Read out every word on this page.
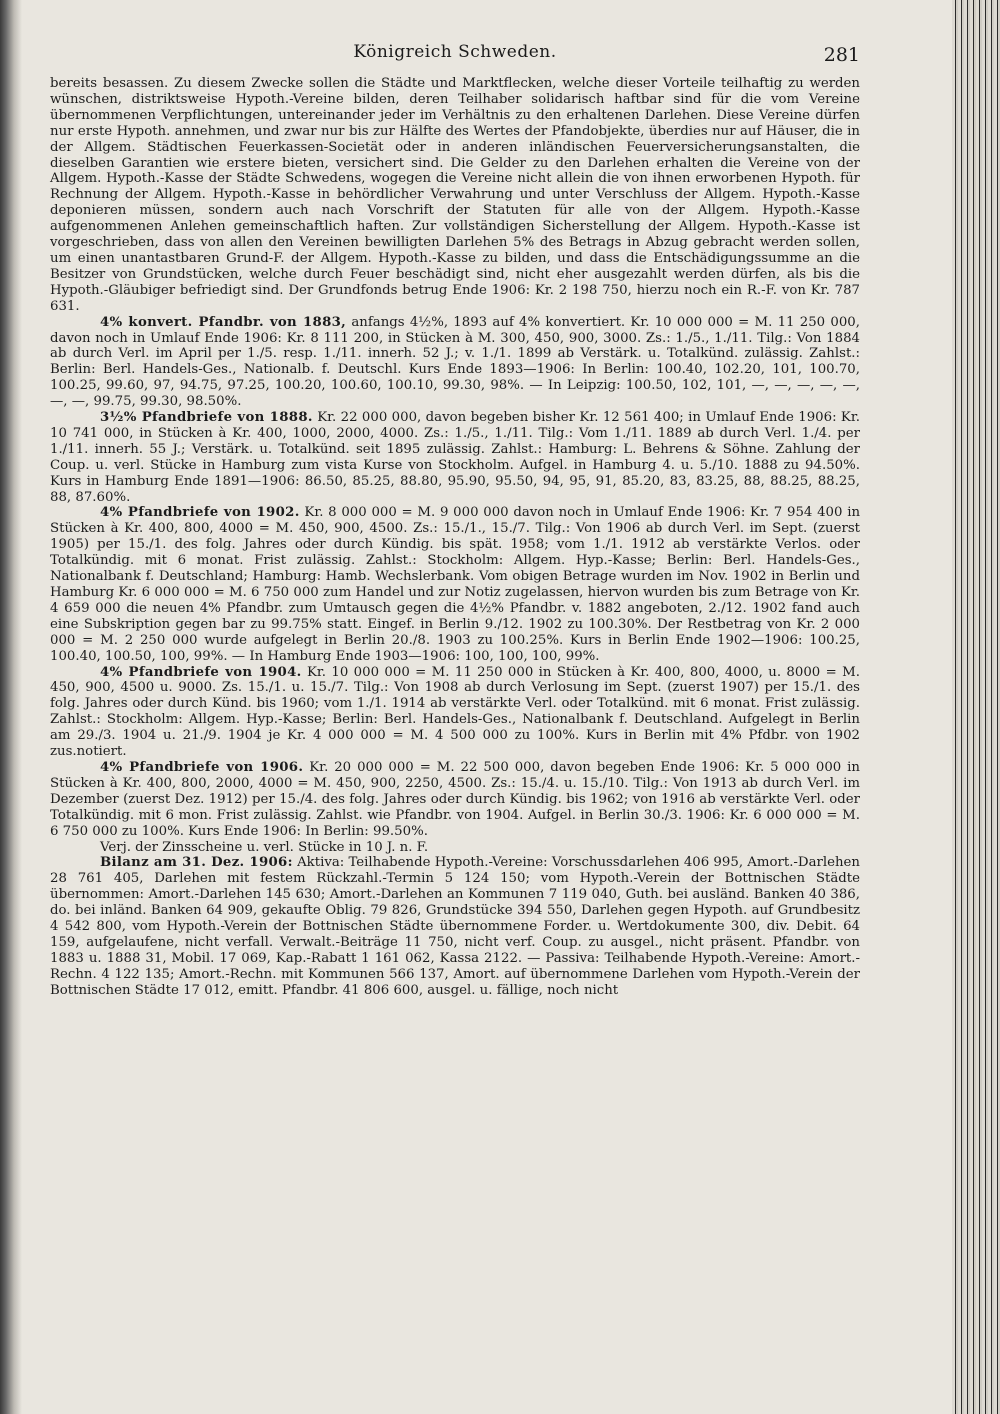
Königreich Schweden.	281

bereits besassen. Zu diesem Zwecke sollen die Städte und Marktflecken, welche dieser Vorteile teilhaftig zu werden wünschen, distriktsweise Hypoth.-Vereine bilden, deren Teilhaber solidarisch haftbar sind für die vom Vereine übernommenen Verpflichtungen, untereinander jeder im Verhältnis zu den erhaltenen Darlehen. Diese Vereine dürfen nur erste Hypoth. annehmen, und zwar nur bis zur Hälfte des Wertes der Pfandobjekte, überdies nur auf Häuser, die in der Allgem. Städtischen Feuerkassen-Societät oder in anderen inländischen Feuerversicherungsanstalten, die dieselben Garantien wie erstere bieten, versichert sind. Die Gelder zu den Darlehen erhalten die Vereine von der Allgem. Hypoth.-Kasse der Städte Schwedens, wogegen die Vereine nicht allein die von ihnen erworbenen Hypoth. für Rechnung der Allgem. Hypoth.-Kasse in behördlicher Verwahrung und unter Verschluss der Allgem. Hypoth.-Kasse deponieren müssen, sondern auch nach Vorschrift der Statuten für alle von der Allgem. Hypoth.-Kasse aufgenommenen Anlehen gemeinschaftlich haften. Zur vollständigen Sicherstellung der Allgem. Hypoth.-Kasse ist vorgeschrieben, dass von allen den Vereinen bewilligten Darlehen 5% des Betrags in Abzug gebracht werden sollen, um einen unantastbaren Grund-F. der Allgem. Hypoth.-Kasse zu bilden, und dass die Entschädigungssumme an die Besitzer von Grundstücken, welche durch Feuer beschädigt sind, nicht eher ausgezahlt werden dürfen, als bis die Hypoth.-Gläubiger befriedigt sind. Der Grundfonds betrug Ende 1906: Kr. 2 198 750, hierzu noch ein R.-F. von Kr. 787 631.

4% konvert. Pfandbr. von 1883, anfangs 4½%, 1893 auf 4% konvertiert. Kr. 10 000 000 = M. 11 250 000, davon noch in Umlauf Ende 1906: Kr. 8 111 200, in Stücken à M. 300, 450, 900, 3000. Zs.: 1./5., 1./11. Tilg.: Von 1884 ab durch Verl. im April per 1./5. resp. 1./11. innerh. 52 J.; v. 1./1. 1899 ab Verstärk. u. Totalkünd. zulässig. Zahlst.: Berlin: Berl. Handels-Ges., Nationalb. f. Deutschl. Kurs Ende 1893—1906: In Berlin: 100.40, 102.20, 101, 100.70, 100.25, 99.60, 97, 94.75, 97.25, 100.20, 100.60, 100.10, 99.30, 98%. — In Leipzig: 100.50, 102, 101, —, —, —, —, —, —, —, 99.75, 99.30, 98.50%.

3½% Pfandbriefe von 1888. Kr. 22 000 000, davon begeben bisher Kr. 12 561 400; in Umlauf Ende 1906: Kr. 10 741 000, in Stücken à Kr. 400, 1000, 2000, 4000. Zs.: 1./5., 1./11. Tilg.: Vom 1./11. 1889 ab durch Verl. 1./4. per 1./11. innerh. 55 J.; Verstärk. u. Totalkünd. seit 1895 zulässig. Zahlst.: Hamburg: L. Behrens & Söhne. Zahlung der Coup. u. verl. Stücke in Hamburg zum vista Kurse von Stockholm. Aufgel. in Hamburg 4. u. 5./10. 1888 zu 94.50%. Kurs in Hamburg Ende 1891—1906: 86.50, 85.25, 88.80, 95.90, 95.50, 94, 95, 91, 85.20, 83, 83.25, 88, 88.25, 88.25, 88, 87.60%.

4% Pfandbriefe von 1902. Kr. 8 000 000 = M. 9 000 000 davon noch in Umlauf Ende 1906: Kr. 7 954 400 in Stücken à Kr. 400, 800, 4000 = M. 450, 900, 4500. Zs.: 15./1., 15./7. Tilg.: Von 1906 ab durch Verl. im Sept. (zuerst 1905) per 15./1. des folg. Jahres oder durch Kündig. bis spät. 1958; vom 1./1. 1912 ab verstärkte Verlos. oder Totalkündig. mit 6 monat. Frist zulässig. Zahlst.: Stockholm: Allgem. Hyp.-Kasse; Berlin: Berl. Handels-Ges., Nationalbank f. Deutschland; Hamburg: Hamb. Wechslerbank. Vom obigen Betrage wurden im Nov. 1902 in Berlin und Hamburg Kr. 6 000 000 = M. 6 750 000 zum Handel und zur Notiz zugelassen, hiervon wurden bis zum Betrage von Kr. 4 659 000 die neuen 4% Pfandbr. zum Umtausch gegen die 4½% Pfandbr. v. 1882 angeboten, 2./12. 1902 fand auch eine Subskription gegen bar zu 99.75% statt. Eingef. in Berlin 9./12. 1902 zu 100.30%. Der Restbetrag von Kr. 2 000 000 = M. 2 250 000 wurde aufgelegt in Berlin 20./8. 1903 zu 100.25%. Kurs in Berlin Ende 1902—1906: 100.25, 100.40, 100.50, 100, 99%. — In Hamburg Ende 1903—1906: 100, 100, 100, 99%.

4% Pfandbriefe von 1904. Kr. 10 000 000 = M. 11 250 000 in Stücken à Kr. 400, 800, 4000, u. 8000 = M. 450, 900, 4500 u. 9000. Zs. 15./1. u. 15./7. Tilg.: Von 1908 ab durch Verlosung im Sept. (zuerst 1907) per 15./1. des folg. Jahres oder durch Künd. bis 1960; vom 1./1. 1914 ab verstärkte Verl. oder Totalkünd. mit 6 monat. Frist zulässig. Zahlst.: Stockholm: Allgem. Hyp.-Kasse; Berlin: Berl. Handels-Ges., Nationalbank f. Deutschland. Aufgelegt in Berlin am 29./3. 1904 u. 21./9. 1904 je Kr. 4 000 000 = M. 4 500 000 zu 100%. Kurs in Berlin mit 4% Pfdbr. von 1902 zus.notiert.

4% Pfandbriefe von 1906. Kr. 20 000 000 = M. 22 500 000, davon begeben Ende 1906: Kr. 5 000 000 in Stücken à Kr. 400, 800, 2000, 4000 = M. 450, 900, 2250, 4500. Zs.: 15./4. u. 15./10. Tilg.: Von 1913 ab durch Verl. im Dezember (zuerst Dez. 1912) per 15./4. des folg. Jahres oder durch Kündig. bis 1962; von 1916 ab verstärkte Verl. oder Totalkündig. mit 6 mon. Frist zulässig. Zahlst. wie Pfandbr. von 1904. Aufgel. in Berlin 30./3. 1906: Kr. 6 000 000 = M. 6 750 000 zu 100%. Kurs Ende 1906: In Berlin: 99.50%.

Verj. der Zinsscheine u. verl. Stücke in 10 J. n. F.

Bilanz am 31. Dez. 1906: Aktiva: Teilhabende Hypoth.-Vereine: Vorschussdarlehen 406 995, Amort.-Darlehen 28 761 405, Darlehen mit festem Rückzahl.-Termin 5 124 150; vom Hypoth.-Verein der Bottnischen Städte übernommen: Amort.-Darlehen 145 630; Amort.-Darlehen an Kommunen 7 119 040, Guth. bei ausländ. Banken 40 386, do. bei inländ. Banken 64 909, gekaufte Oblig. 79 826, Grundstücke 394 550, Darlehen gegen Hypoth. auf Grundbesitz 4 542 800, vom Hypoth.-Verein der Bottnischen Städte übernommene Forder. u. Wertdokumente 300, div. Debit. 64 159, aufgelaufene, nicht verfall. Verwalt.-Beiträge 11 750, nicht verf. Coup. zu ausgel., nicht präsent. Pfandbr. von 1883 u. 1888 31, Mobil. 17 069, Kap.-Rabatt 1 161 062, Kassa 2122. — Passiva: Teilhabende Hypoth.-Vereine: Amort.-Rechn. 4 122 135; Amort.-Rechn. mit Kommunen 566 137, Amort. auf übernommene Darlehen vom Hypoth.-Verein der Bottnischen Städte 17 012, emitt. Pfandbr. 41 806 600, ausgel. u. fällige, noch nicht
